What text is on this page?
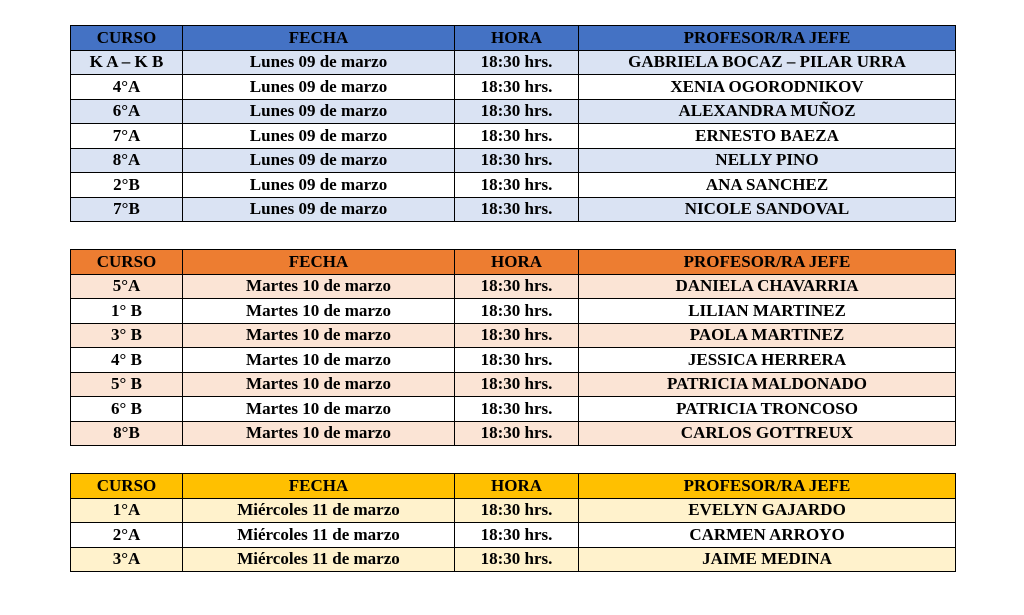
CURSO	FECHA	HORA	PROFESOR/RA JEFE
K A – K B	Lunes 09 de marzo	18:30 hrs.	GABRIELA BOCAZ – PILAR URRA
4°A	Lunes 09 de marzo	18:30 hrs.	XENIA OGORODNIKOV
6°A	Lunes 09 de marzo	18:30 hrs.	ALEXANDRA MUÑOZ
7°A	Lunes 09 de marzo	18:30 hrs.	ERNESTO BAEZA
8°A	Lunes 09 de marzo	18:30 hrs.	NELLY PINO
2°B	Lunes 09 de marzo	18:30 hrs.	ANA SANCHEZ
7°B	Lunes 09 de marzo	18:30 hrs.	NICOLE SANDOVAL
CURSO	FECHA	HORA	PROFESOR/RA JEFE
5°A	Martes 10 de marzo	18:30 hrs.	DANIELA CHAVARRIA
1° B	Martes 10 de marzo	18:30 hrs.	LILIAN MARTINEZ
3° B	Martes 10 de marzo	18:30 hrs.	PAOLA MARTINEZ
4° B	Martes 10 de marzo	18:30 hrs.	JESSICA HERRERA
5° B	Martes 10 de marzo	18:30 hrs.	PATRICIA MALDONADO
6° B	Martes 10 de marzo	18:30 hrs.	PATRICIA TRONCOSO
8°B	Martes 10 de marzo	18:30 hrs.	CARLOS GOTTREUX
CURSO	FECHA	HORA	PROFESOR/RA JEFE
1°A	Miércoles 11 de marzo	18:30 hrs.	EVELYN GAJARDO
2°A	Miércoles 11 de marzo	18:30 hrs.	CARMEN ARROYO
3°A	Miércoles 11 de marzo	18:30 hrs.	JAIME MEDINA
